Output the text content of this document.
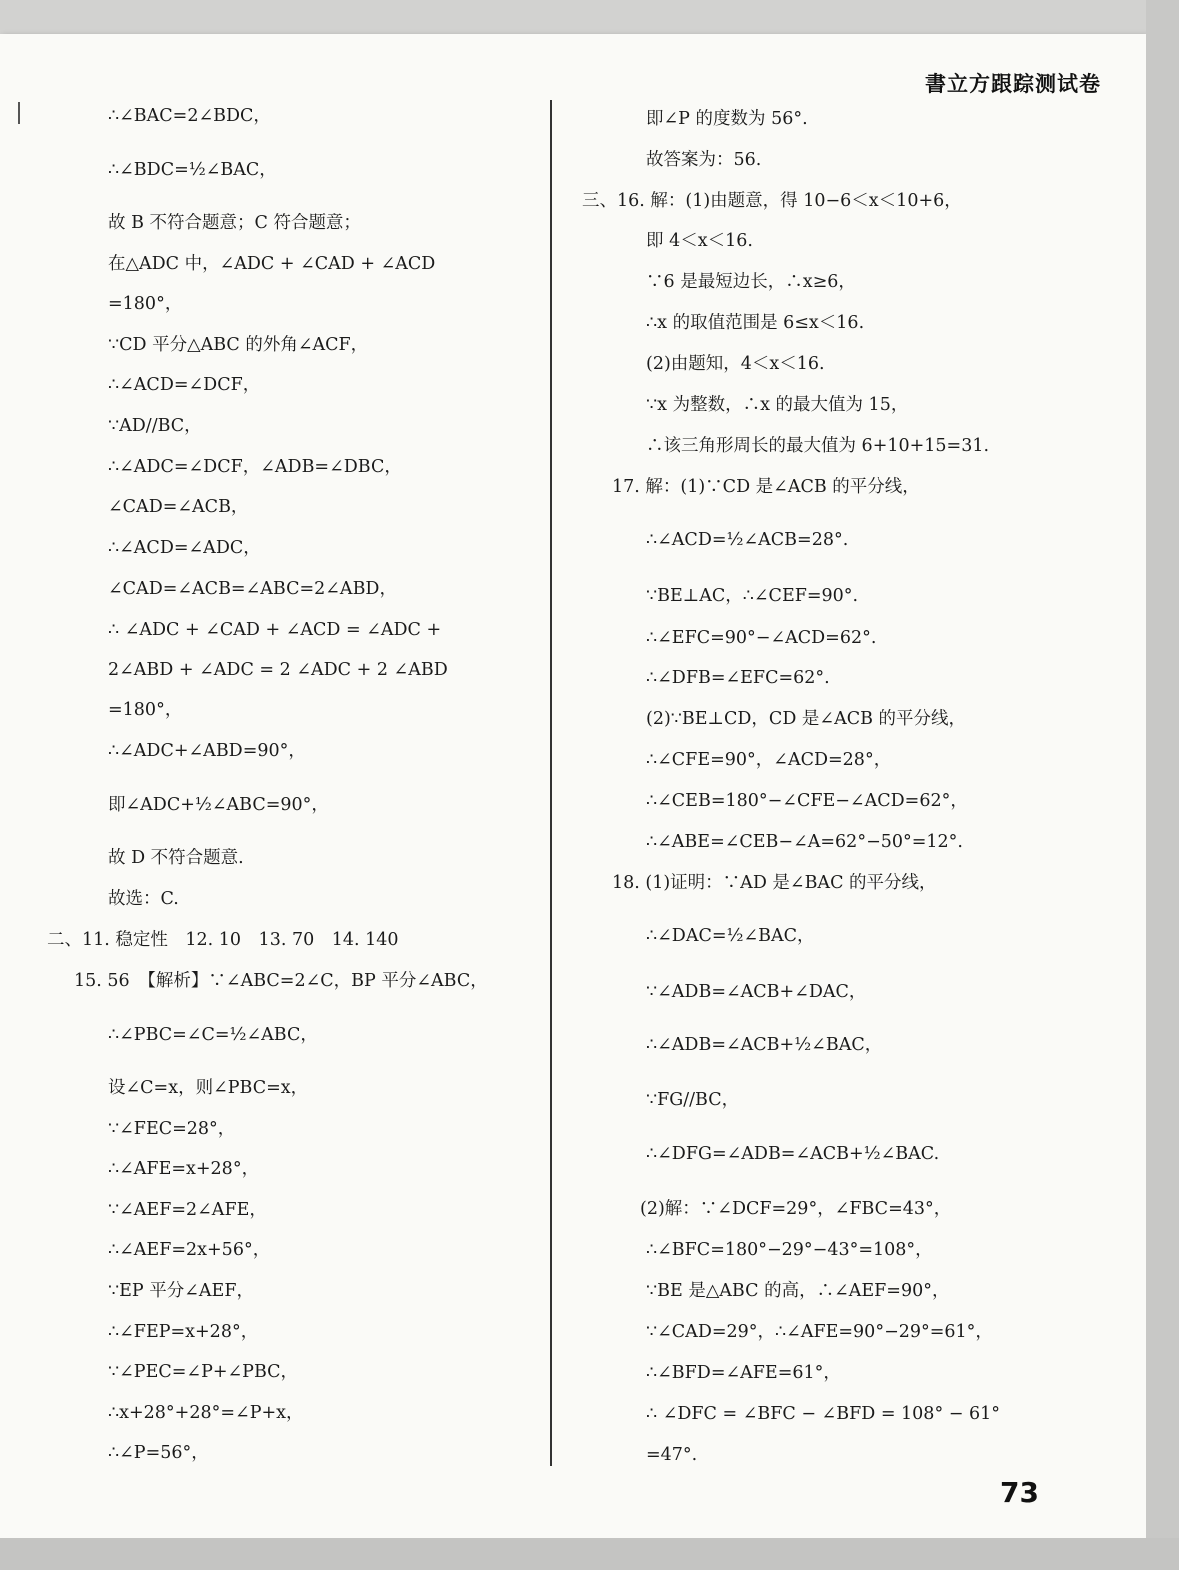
書立方跟踪测试卷
∴∠BAC=2∠BDC，
∴∠BDC=½∠BAC，
故 B 不符合题意；C 符合题意；
在△ADC 中，∠ADC + ∠CAD + ∠ACD
=180°，
∵CD 平分△ABC 的外角∠ACF，
∴∠ACD=∠DCF，
∵AD//BC，
∴∠ADC=∠DCF，∠ADB=∠DBC，
∠CAD=∠ACB，
∴∠ACD=∠ADC，
∠CAD=∠ACB=∠ABC=2∠ABD，
∴ ∠ADC + ∠CAD + ∠ACD = ∠ADC +
2∠ABD + ∠ADC = 2 ∠ADC + 2 ∠ABD
=180°，
∴∠ADC+∠ABD=90°，
即∠ADC+½∠ABC=90°，
故 D 不符合题意.
故选：C.
二、11. 稳定性　12. 10　13. 70　14. 140
15. 56　【解析】∵∠ABC=2∠C，BP 平分∠ABC，
∴∠PBC=∠C=½∠ABC，
设∠C=x，则∠PBC=x，
∵∠FEC=28°，
∴∠AFE=x+28°，
∵∠AEF=2∠AFE，
∴∠AEF=2x+56°，
∵EP 平分∠AEF，
∴∠FEP=x+28°，
∵∠PEC=∠P+∠PBC，
∴x+28°+28°=∠P+x，
∴∠P=56°，
即∠P 的度数为 56°.
故答案为：56.
三、16. 解：(1)由题意，得 10−6＜x＜10+6，
即 4＜x＜16.
∵6 是最短边长，∴x≥6，
∴x 的取值范围是 6≤x＜16.
(2)由题知，4＜x＜16.
∵x 为整数，∴x 的最大值为 15，
∴该三角形周长的最大值为 6+10+15=31.
17. 解：(1)∵CD 是∠ACB 的平分线，
∴∠ACD=½∠ACB=28°.
∵BE⊥AC，∴∠CEF=90°.
∴∠EFC=90°−∠ACD=62°.
∴∠DFB=∠EFC=62°.
(2)∵BE⊥CD，CD 是∠ACB 的平分线，
∴∠CFE=90°，∠ACD=28°，
∴∠CEB=180°−∠CFE−∠ACD=62°，
∴∠ABE=∠CEB−∠A=62°−50°=12°.
18. (1)证明：∵AD 是∠BAC 的平分线，
∴∠DAC=½∠BAC，
∵∠ADB=∠ACB+∠DAC，
∴∠ADB=∠ACB+½∠BAC，
∵FG//BC，
∴∠DFG=∠ADB=∠ACB+½∠BAC.
(2)解：∵∠DCF=29°，∠FBC=43°，
∴∠BFC=180°−29°−43°=108°，
∵BE 是△ABC 的高，∴∠AEF=90°，
∵∠CAD=29°，∴∠AFE=90°−29°=61°，
∴∠BFD=∠AFE=61°，
∴ ∠DFC = ∠BFC − ∠BFD = 108° − 61°
=47°.
73
